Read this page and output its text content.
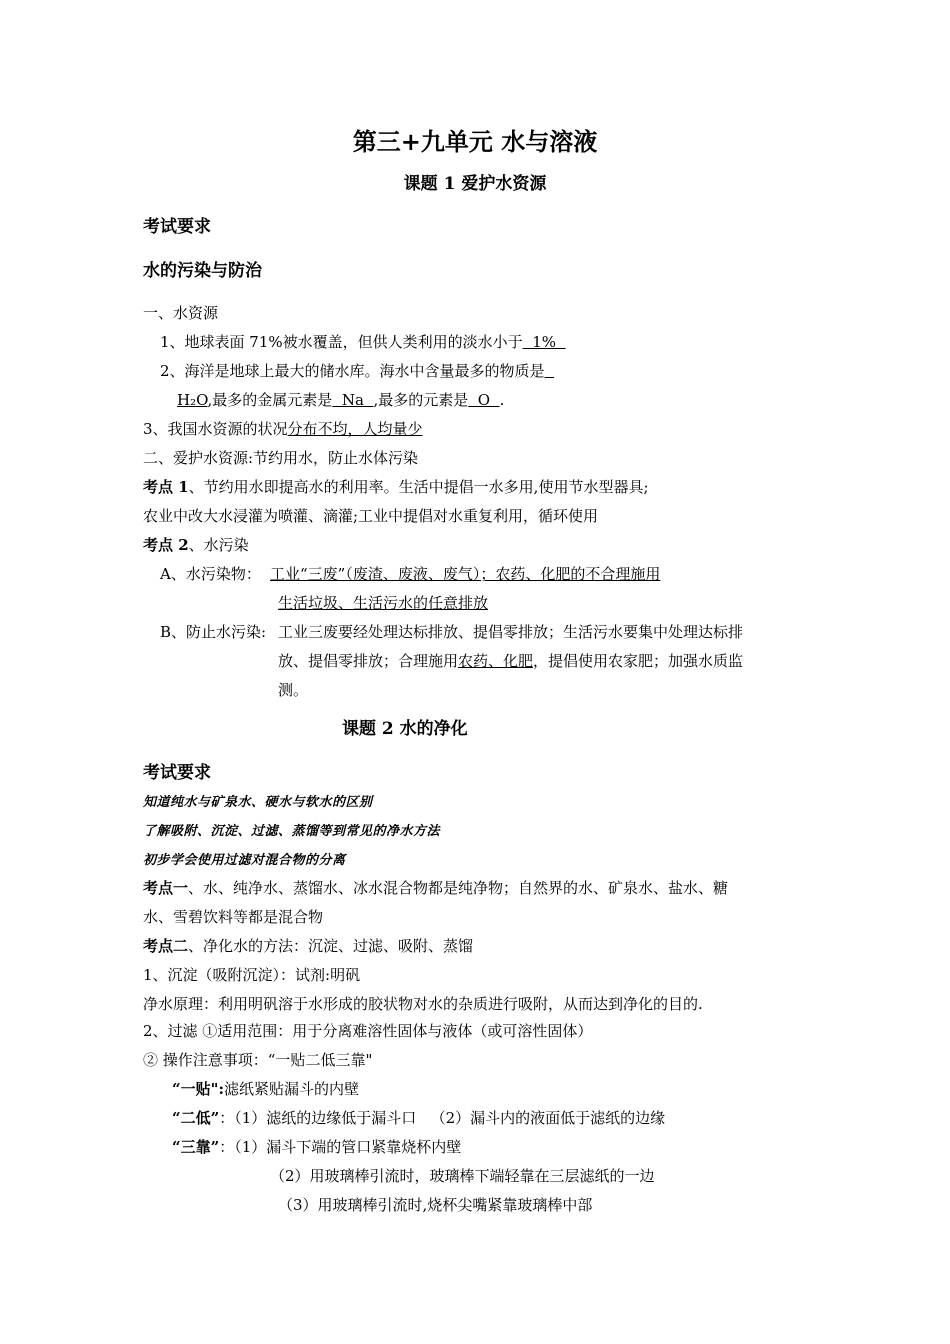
第三+九单元 水与溶液
课题 1 爱护水资源
考试要求
水的污染与防治
一、水资源
1、地球表面 71%被水覆盖，但供人类利用的淡水小于  1%
2、海洋是地球上最大的储水库。海水中含量最多的物质是
H₂O,最多的金属元素是  Na  ,最多的元素是  O  .
3、我国水资源的状况分布不均，人均量少
二、爱护水资源:节约用水，防止水体污染
考点 1、节约用水即提高水的利用率。生活中提倡一水多用,使用节水型器具;
农业中改大水浸灌为喷灌、滴灌;工业中提倡对水重复利用，循环使用
考点 2、水污染
A、水污染物： 工业“三废”（废渣、废液、废气）；农药、化肥的不合理施用
生活垃圾、生活污水的任意排放
B、防止水污染: 工业三废要经处理达标排放、提倡零排放；生活污水要集中处理达标排
放、提倡零排放；合理施用农药、化肥，提倡使用农家肥；加强水质监
测。
课题 2 水的净化
考试要求
知道纯水与矿泉水、硬水与软水的区别
了解吸附、沉淀、过滤、蒸馏等到常见的净水方法
初步学会使用过滤对混合物的分离
考点一、水、纯净水、蒸馏水、冰水混合物都是纯净物；自然界的水、矿泉水、盐水、糖
水、雪碧饮料等都是混合物
考点二、净化水的方法：沉淀、过滤、吸附、蒸馏
1、沉淀（吸附沉淀）：试剂:明矾
净水原理：利用明矾溶于水形成的胶状物对水的杂质进行吸附，从而达到净化的目的.
2、过滤 ①适用范围：用于分离难溶性固体与液体（或可溶性固体）
② 操作注意事项：“一贴二低三靠"
“一贴":滤纸紧贴漏斗的内壁
“二低”：（1）滤纸的边缘低于漏斗口   （2）漏斗内的液面低于滤纸的边缘
“三靠”：（1）漏斗下端的管口紧靠烧杯内壁
（2）用玻璃棒引流时，玻璃棒下端轻靠在三层滤纸的一边
（3）用玻璃棒引流时,烧杯尖嘴紧靠玻璃棒中部
